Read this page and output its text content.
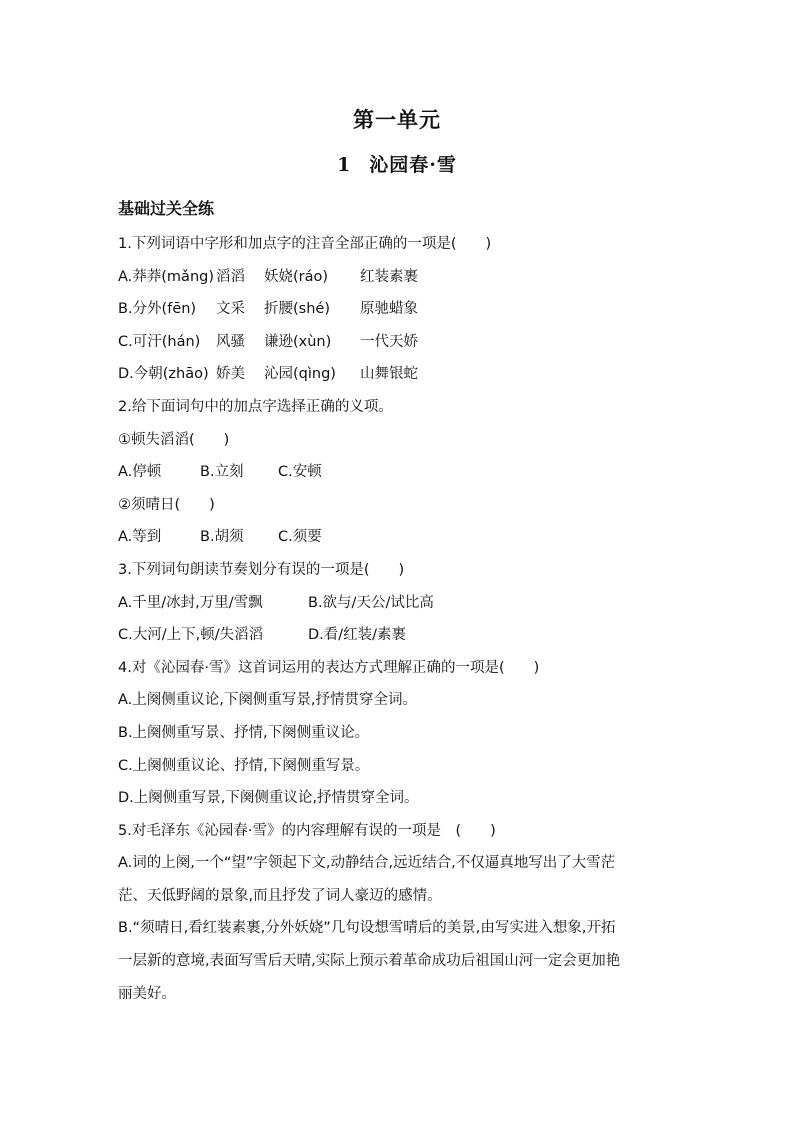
第一单元
1 沁园春·雪
基础过关全练
1.下列词语中字形和加点字的注音全部正确的一项是(　　)
A.莽莽(mǎng) 滔滔 妖娆(ráo) 红装素裹
B.分外(fēn) 文采 折腰(shé) 原驰蜡象
C.可汗(hán) 风骚 谦逊(xùn) 一代天娇
D.今朝(zhāo) 娇美 沁园(qìng) 山舞银蛇
2.给下面词句中的加点字选择正确的义项。
①顿失滔滔(　　)
A.停顿	B.立刻 C.安顿
②须晴日(　　)
A.等到	B.胡须 C.须要
3.下列词句朗读节奏划分有误的一项是(　　)
A.千里/冰封,万里/雪飘	B.欲与/天公/试比高
C.大河/上下,顿/失滔滔	D.看/红装/素裹
4.对《沁园春·雪》这首词运用的表达方式理解正确的一项是(　　)
A.上阕侧重议论,下阕侧重写景,抒情贯穿全词。
B.上阕侧重写景、抒情,下阕侧重议论。
C.上阕侧重议论、抒情,下阕侧重写景。
D.上阕侧重写景,下阕侧重议论,抒情贯穿全词。
5.对毛泽东《沁园春·雪》的内容理解有误的一项是　(　　)
A.词的上阕,一个“望”字领起下文,动静结合,远近结合,不仅逼真地写出了大雪茫
茫、天低野阔的景象,而且抒发了词人豪迈的感情。
B.“须晴日,看红装素裹,分外妖娆”几句设想雪晴后的美景,由写实进入想象,开拓
一层新的意境,表面写雪后天晴,实际上预示着革命成功后祖国山河一定会更加艳
丽美好。
